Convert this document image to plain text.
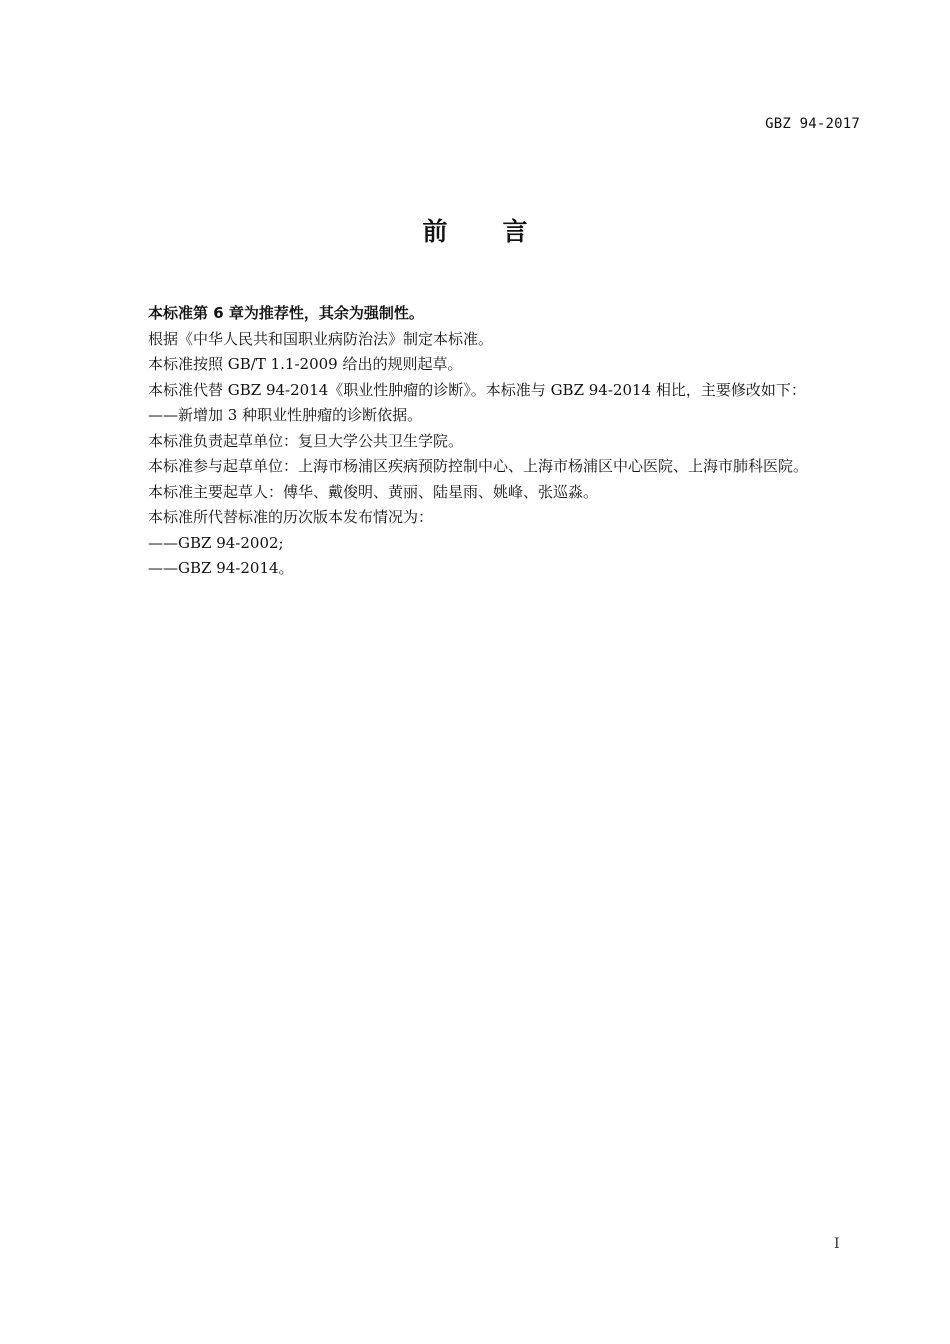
GBZ 94-2017
前言
本标准第 6 章为推荐性，其余为强制性。
根据《中华人民共和国职业病防治法》制定本标准。
本标准按照 GB/T 1.1-2009 给出的规则起草。
本标准代替 GBZ 94-2014《职业性肿瘤的诊断》。本标准与 GBZ 94-2014 相比，主要修改如下：
——新增加 3 种职业性肿瘤的诊断依据。
本标准负责起草单位：复旦大学公共卫生学院。
本标准参与起草单位：上海市杨浦区疾病预防控制中心、上海市杨浦区中心医院、上海市肺科医院。
本标准主要起草人：傅华、戴俊明、黄丽、陆星雨、姚峰、张巡淼。
本标准所代替标准的历次版本发布情况为：
——GBZ 94-2002;
——GBZ 94-2014。
I
